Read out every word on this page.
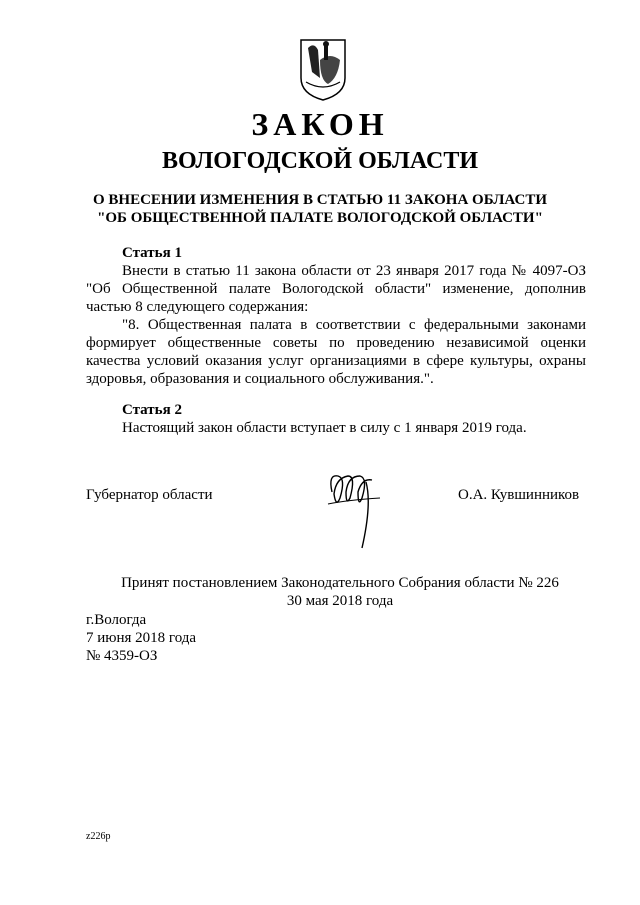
ЗАКОН
ВОЛОГОДСКОЙ ОБЛАСТИ
О ВНЕСЕНИИ ИЗМЕНЕНИЯ В СТАТЬЮ 11 ЗАКОНА ОБЛАСТИ
"ОБ ОБЩЕСТВЕННОЙ ПАЛАТЕ ВОЛОГОДСКОЙ ОБЛАСТИ"
Статья 1

Внести в статью 11 закона области от 23 января 2017 года № 4097-ОЗ "Об Общественной палате Вологодской области" изменение, дополнив частью 8 следующего содержания:

"8. Общественная палата в соответствии с федеральными законами формирует общественные советы по проведению независимой оценки качества условий оказания услуг организациями в сфере культуры, охраны здоровья, образования и социального обслуживания.".

Статья 2

Настоящий закон области вступает в силу с 1 января 2019 года.

Губернатор области	О.А. Кувшинников
Принят постановлением Законодательного Собрания области № 226
30 мая 2018 года
г.Вологда
7 июня 2018 года
№ 4359-ОЗ
z226p
